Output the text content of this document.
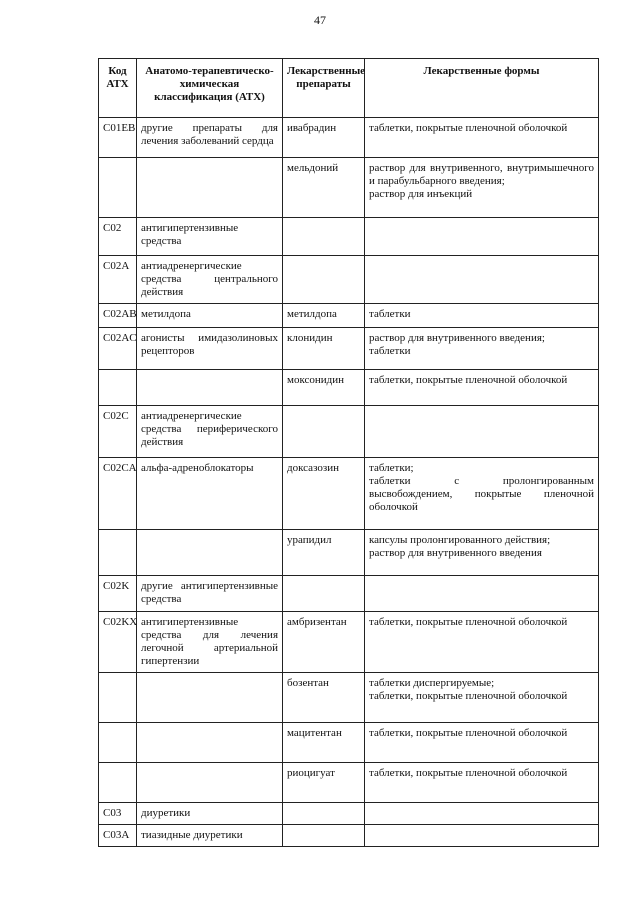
47
Код АТХ	Анатомо-терапевтическо-химическая классификация (АТХ)	Лекарственные препараты	Лекарственные формы
C01EB	другие препараты для лечения заболеваний сердца	ивабрадин	таблетки, покрытые пленочной оболочкой

		мельдоний	раствор для внутривенного, внутримышечного и парабульбарного введения;
раствор для инъекций

C02	антигипертензивные средства		
C02A	антиадренергические средства центрального действия		
C02AB	метилдопа	метилдопа	таблетки

C02AC	агонисты имидазолиновых рецепторов	клонидин	раствор для внутривенного введения;
таблетки

		моксонидин	таблетки, покрытые пленочной оболочкой

C02C	антиадренергические средства периферического действия		
C02CA	альфа-адреноблокаторы	доксазозин	таблетки;
таблетки с пролонгированным высвобождением, покрытые пленочной оболочкой

		урапидил	капсулы пролонгированного действия;
раствор для внутривенного введения

C02K	другие антигипертензивные средства		
C02KX	антигипертензивные средства для лечения легочной артериальной гипертензии	амбризентан	таблетки, покрытые пленочной оболочкой

		бозентан	таблетки диспергируемые;
таблетки, покрытые пленочной оболочкой

		мацитентан	таблетки, покрытые пленочной оболочкой

		риоцигуат	таблетки, покрытые пленочной оболочкой

C03	диуретики		
C03A	тиазидные диуретики		
